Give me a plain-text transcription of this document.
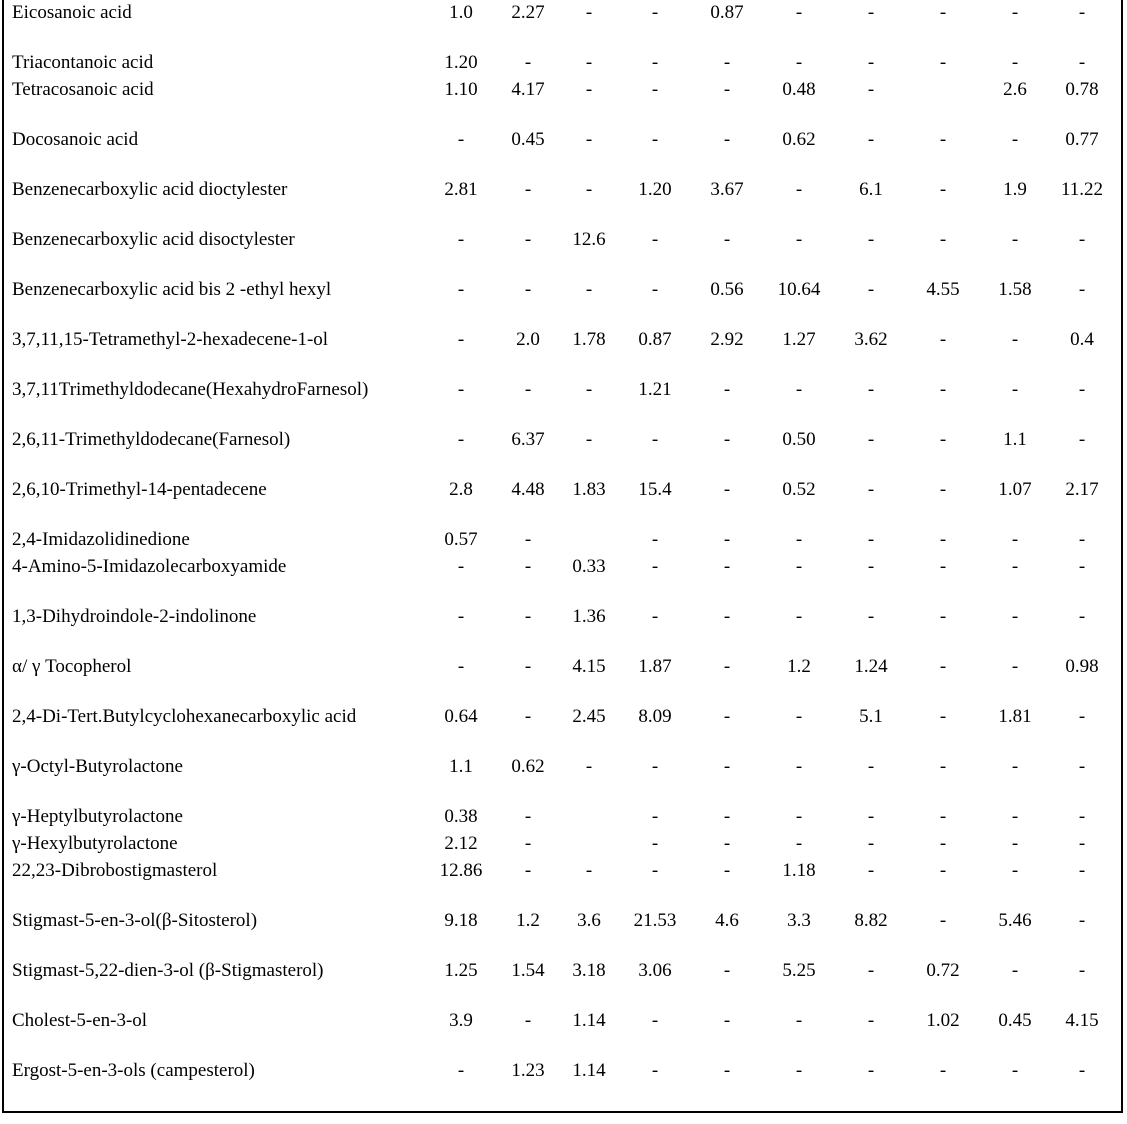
Eicosanoic acid	1.0	2.27	-	-	0.87	-	-	-	-	-
Triacontanoic acid	1.20	-	-	-	-	-	-	-	-	-
Tetracosanoic acid	1.10	4.17	-	-	-	0.48	-		2.6	0.78
Docosanoic acid	-	0.45	-	-	-	0.62	-	-	-	0.77
Benzenecarboxylic acid dioctylester	2.81	-	-	1.20	3.67	-	6.1	-	1.9	11.22
Benzenecarboxylic acid disoctylester	-	-	12.6	-	-	-	-	-	-	-
Benzenecarboxylic acid bis 2 -ethyl hexyl	-	-	-	-	0.56	10.64	-	4.55	1.58	-
3,7,11,15-Tetramethyl-2-hexadecene-1-ol	-	2.0	1.78	0.87	2.92	1.27	3.62	-	-	0.4
3,7,11Trimethyldodecane(HexahydroFarnesol)	-	-	-	1.21	-	-	-	-	-	-
2,6,11-Trimethyldodecane(Farnesol)	-	6.37	-	-	-	0.50	-	-	1.1	-
2,6,10-Trimethyl-14-pentadecene	2.8	4.48	1.83	15.4	-	0.52	-	-	1.07	2.17
2,4-Imidazolidinedione	0.57	-		-	-	-	-	-	-	-
4-Amino-5-Imidazolecarboxyamide	-	-	0.33	-	-	-	-	-	-	-
1,3-Dihydroindole-2-indolinone	-	-	1.36	-	-	-	-	-	-	-
α/ γ Tocopherol	-	-	4.15	1.87	-	1.2	1.24	-	-	0.98
2,4-Di-Tert.Butylcyclohexanecarboxylic acid	0.64	-	2.45	8.09	-	-	5.1	-	1.81	-
γ-Octyl-Butyrolactone	1.1	0.62	-	-	-	-	-	-	-	-
γ-Heptylbutyrolactone	0.38	-		-	-	-	-	-	-	-
γ-Hexylbutyrolactone	2.12	-		-	-	-	-	-	-	-
22,23-Dibrobostigmasterol	12.86	-	-	-	-	1.18	-	-	-	-
Stigmast-5-en-3-ol(β-Sitosterol)	9.18	1.2	3.6	21.53	4.6	3.3	8.82	-	5.46	-
Stigmast-5,22-dien-3-ol (β-Stigmasterol)	1.25	1.54	3.18	3.06	-	5.25	-	0.72	-	-
Cholest-5-en-3-ol	3.9	-	1.14	-	-	-	-	1.02	0.45	4.15
Ergost-5-en-3-ols (campesterol)	-	1.23	1.14	-	-	-	-	-	-	-
